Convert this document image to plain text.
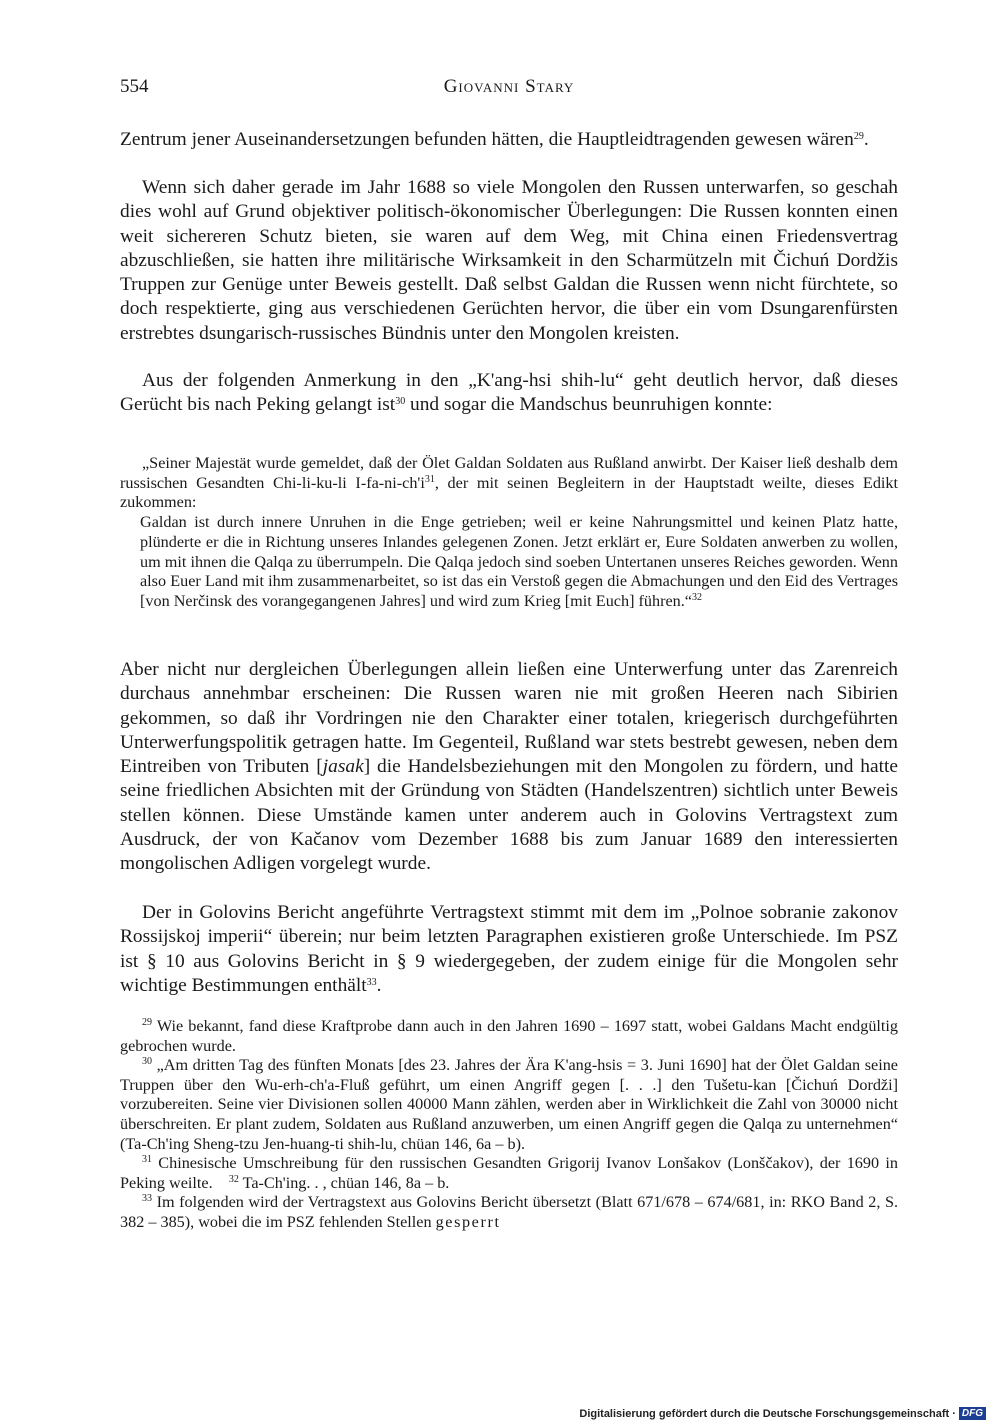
554	Giovanni Stary

Zentrum jener Auseinandersetzungen befunden hätten, die Hauptleidtragenden gewesen wären$^{29}$.

Wenn sich daher gerade im Jahr 1688 so viele Mongolen den Russen unterwarfen, so geschah dies wohl auf Grund objektiver politisch-ökonomischer Überlegungen: Die Russen konnten einen weit sichereren Schutz bieten, sie waren auf dem Weg, mit China einen Friedensvertrag abzuschließen, sie hatten ihre militärische Wirksamkeit in den Scharmützeln mit Čichuń Dordžis Truppen zur Genüge unter Beweis gestellt. Daß selbst Galdan die Russen wenn nicht fürchtete, so doch respektierte, ging aus verschiedenen Gerüchten hervor, die über ein vom Dsungarenfürsten erstrebtes dsungarisch-russisches Bündnis unter den Mongolen kreisten.

Aus der folgenden Anmerkung in den „K'ang-hsi shih-lu“ geht deutlich hervor, daß dieses Gerücht bis nach Peking gelangt ist$^{30}$ und sogar die Mandschus beunruhigen konnte:

„Seiner Majestät wurde gemeldet, daß der Ölet Galdan Soldaten aus Rußland anwirbt. Der Kaiser ließ deshalb dem russischen Gesandten Chi-li-ku-li $I-fa-ni-ch'i^{31}$, der mit seinen Begleitern in der Hauptstadt weilte, dieses Edikt zukommen:

Galdan ist durch innere Unruhen in die Enge getrieben; weil er keine Nahrungsmittel und keinen Platz hatte, plünderte er die in Richtung unseres Inlandes gelegenen Zonen. Jetzt erklärt er, Eure Soldaten anwerben zu wollen, um mit ihnen die Qalqa zu überrumpeln. Die Qalqa jedoch sind soeben Untertanen unseres Reiches geworden. Wenn also Euer Land mit ihm zusammenarbeitet, so ist das ein Verstoß gegen die Abmachungen und den Eid des Vertrages [von Nerčinsk des vorangegangenen Jahres] und wird zum Krieg [mit Euch] führen.“$^{32}$

Aber nicht nur dergleichen Überlegungen allein ließen eine Unterwerfung unter das Zarenreich durchaus annehmbar erscheinen: Die Russen waren nie mit großen Heeren nach Sibirien gekommen, so daß ihr Vordringen nie den Charakter einer totalen, kriegerisch durchgeführten Unterwerfungspolitik getragen hatte. Im Gegenteil, Rußland war stets bestrebt gewesen, neben dem Eintreiben von Tributen [jasak] die Handelsbeziehungen mit den Mongolen zu fördern, und hatte seine friedlichen Absichten mit der Gründung von Städten (Handelszentren) sichtlich unter Beweis stellen können. Diese Umstände kamen unter anderem auch in Golovins Vertragstext zum Ausdruck, der von Kačanov vom Dezember 1688 bis zum Januar 1689 den interessierten mongolischen Adligen vorgelegt wurde.

Der in Golovins Bericht angeführte Vertragstext stimmt mit dem im „Polnoe sobranie zakonov Rossijskoj imperii“ überein; nur beim letzten Paragraphen existieren große Unterschiede. Im PSZ ist § 10 aus Golovins Bericht in § 9 wiedergegeben, der zudem einige für die Mongolen sehr wichtige Bestimmungen enthält$^{33}$.

$^{29}$ Wie bekannt, fand diese Kraftprobe dann auch in den Jahren 1690 – 1697 statt, wobei Galdans Macht endgültig gebrochen wurde.

$^{30}$ „Am dritten Tag des fünften Monats [des 23. Jahres der Ära K'ang-hsis = 3. Juni 1690] hat der Ölet Galdan seine Truppen über den Wu-erh-ch'a-Fluß geführt, um einen Angriff gegen [. . .] den Tušetu-kan [Čichuń Dordži] vorzubereiten. Seine vier Divisionen sollen 40000 Mann zählen, werden aber in Wirklichkeit die Zahl von 30000 nicht überschreiten. Er plant zudem, Soldaten aus Rußland anzuwerben, um einen Angriff gegen die Qalqa zu unternehmen“ (Ta-Ch'ing Sheng-tzu Jen-huang-ti shih-lu, chüan 146, 6a – b).

$^{31}$ Chinesische Umschreibung für den russischen Gesandten Grigorij Ivanov Lonšakov (Lonščakov), der 1690 in Peking weilte. $^{32}$ Ta-Ch'ing. . , chüan 146, 8a – b.

$^{33}$ Im folgenden wird der Vertragstext aus Golovins Bericht übersetzt (Blatt 671/678 – 674/681, in: RKO Band 2, S. 382 – 385), wobei die im PSZ fehlenden Stellen gesperrt

Digitalisierung gefördert durch die Deutsche Forschungsgemeinschaft · DFG
